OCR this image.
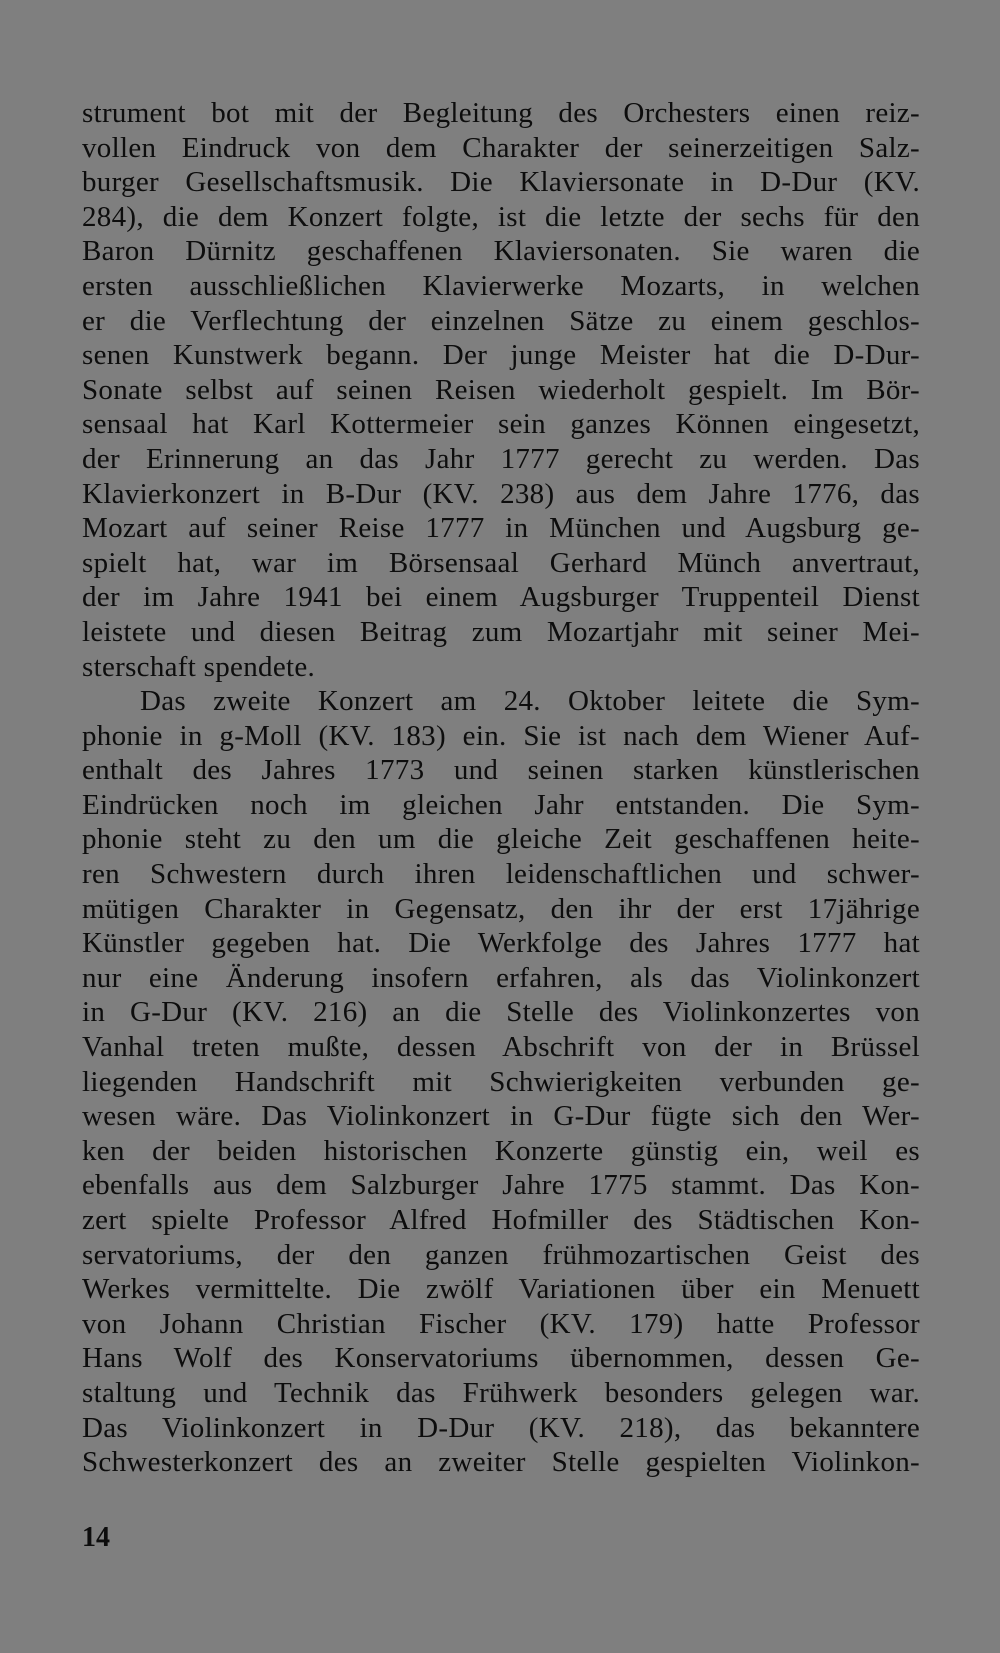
strument bot mit der Begleitung des Orchesters einen reiz-
vollen Eindruck von dem Charakter der seinerzeitigen Salz-
burger Gesellschaftsmusik. Die Klaviersonate in D-Dur (KV.
284), die dem Konzert folgte, ist die letzte der sechs für den
Baron Dürnitz geschaffenen Klaviersonaten. Sie waren die
ersten ausschließlichen Klavierwerke Mozarts, in welchen
er die Verflechtung der einzelnen Sätze zu einem geschlos-
senen Kunstwerk begann. Der junge Meister hat die D-Dur-
Sonate selbst auf seinen Reisen wiederholt gespielt. Im Bör-
sensaal hat Karl Kottermeier sein ganzes Können eingesetzt,
der Erinnerung an das Jahr 1777 gerecht zu werden. Das
Klavierkonzert in B-Dur (KV. 238) aus dem Jahre 1776, das
Mozart auf seiner Reise 1777 in München und Augsburg ge-
spielt hat, war im Börsensaal Gerhard Münch anvertraut,
der im Jahre 1941 bei einem Augsburger Truppenteil Dienst
leistete und diesen Beitrag zum Mozartjahr mit seiner Mei-
sterschaft spendete.
Das zweite Konzert am 24. Oktober leitete die Sym-
phonie in g-Moll (KV. 183) ein. Sie ist nach dem Wiener Auf-
enthalt des Jahres 1773 und seinen starken künstlerischen
Eindrücken noch im gleichen Jahr entstanden. Die Sym-
phonie steht zu den um die gleiche Zeit geschaffenen heite-
ren Schwestern durch ihren leidenschaftlichen und schwer-
mütigen Charakter in Gegensatz, den ihr der erst 17jährige
Künstler gegeben hat. Die Werkfolge des Jahres 1777 hat
nur eine Änderung insofern erfahren, als das Violinkonzert
in G-Dur (KV. 216) an die Stelle des Violinkonzertes von
Vanhal treten mußte, dessen Abschrift von der in Brüssel
liegenden Handschrift mit Schwierigkeiten verbunden ge-
wesen wäre. Das Violinkonzert in G-Dur fügte sich den Wer-
ken der beiden historischen Konzerte günstig ein, weil es
ebenfalls aus dem Salzburger Jahre 1775 stammt. Das Kon-
zert spielte Professor Alfred Hofmiller des Städtischen Kon-
servatoriums, der den ganzen frühmozartischen Geist des
Werkes vermittelte. Die zwölf Variationen über ein Menuett
von Johann Christian Fischer (KV. 179) hatte Professor
Hans Wolf des Konservatoriums übernommen, dessen Ge-
staltung und Technik das Frühwerk besonders gelegen war.
Das Violinkonzert in D-Dur (KV. 218), das bekanntere
Schwesterkonzert des an zweiter Stelle gespielten Violinkon-
14
